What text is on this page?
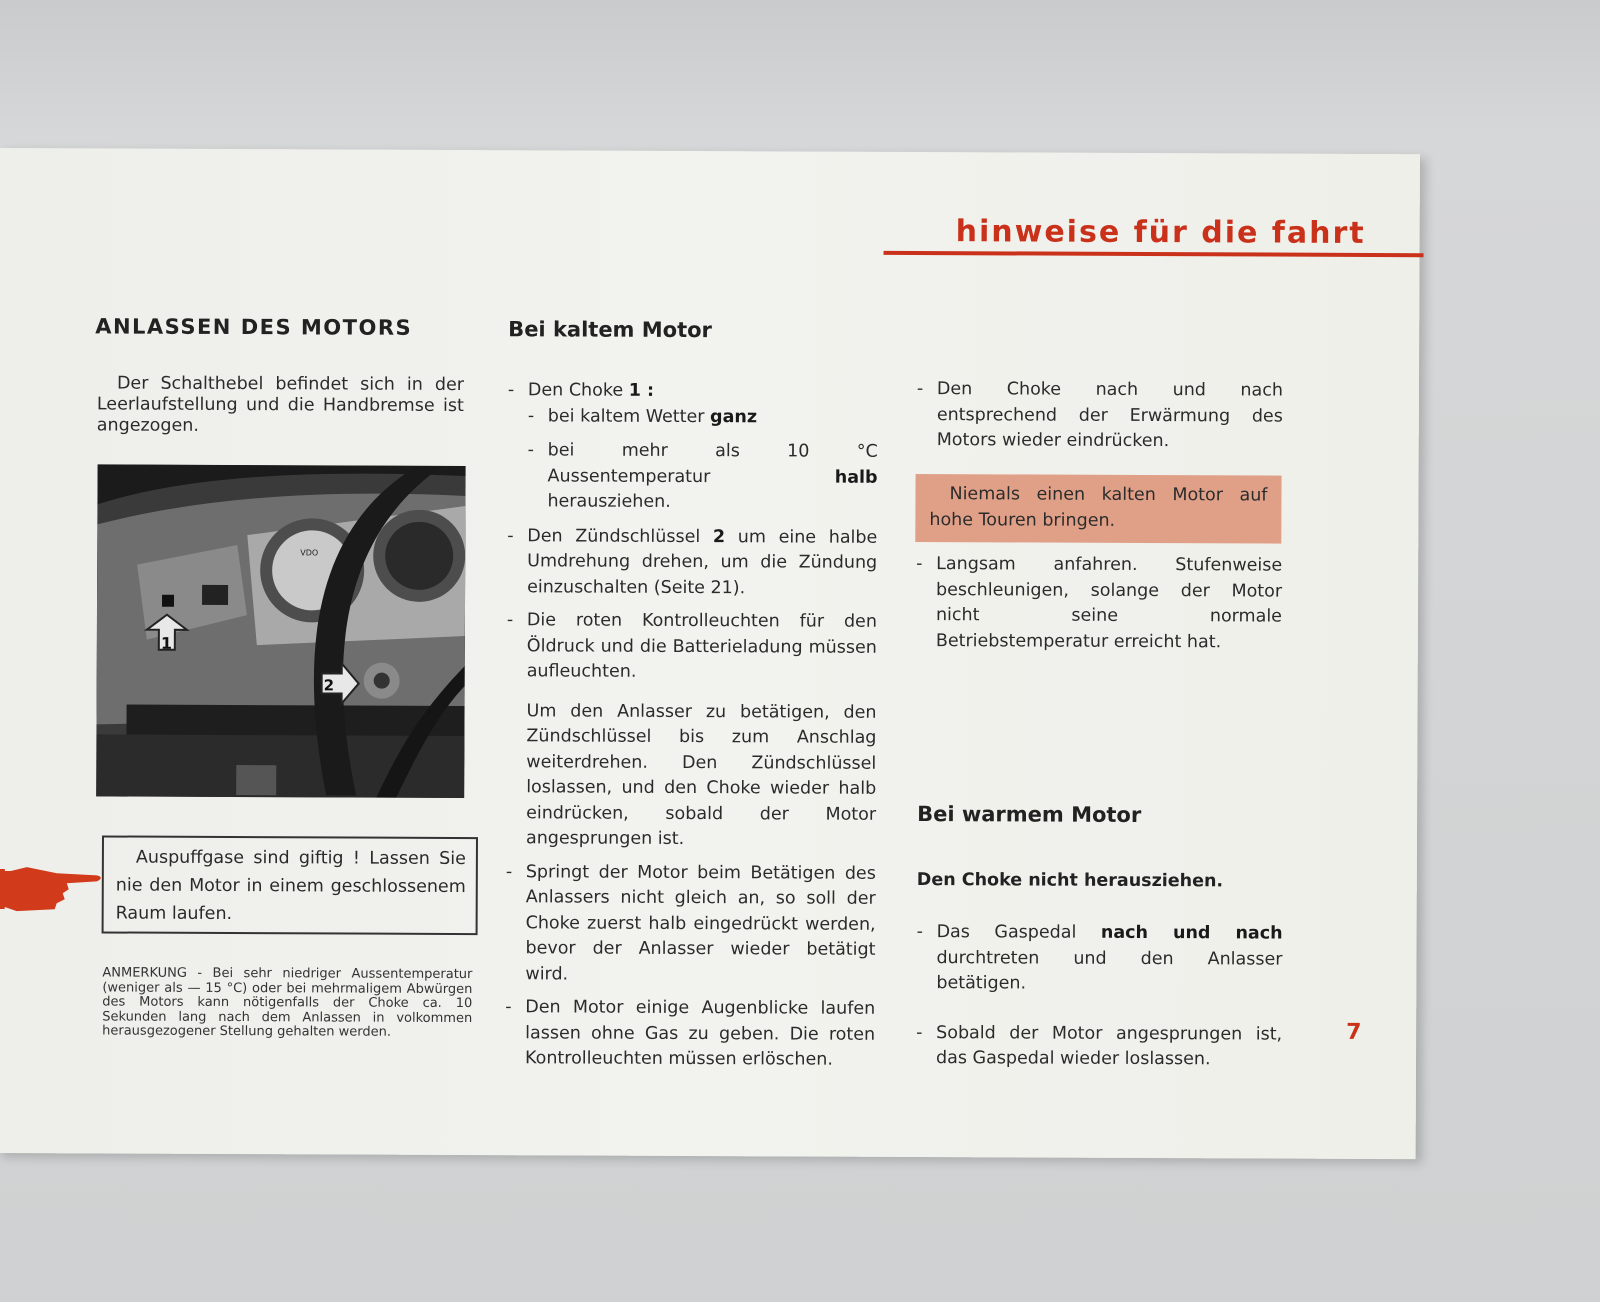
hinweise für die fahrt
ANLASSEN DES MOTORS

Der Schalthebel befindet sich in der Leerlaufstellung und die Handbremse ist angezogen.

1
2
VDO
Auspuffgase sind giftig ! Lassen Sie nie den Motor in einem geschlossenem Raum laufen.
ANMERKUNG - Bei sehr niedriger Aussentemperatur (weniger als — 15 °C) oder bei mehrmaligem Abwürgen des Motors kann nötigenfalls der Choke ca. 10 Sekunden lang nach dem Anlassen in volkommen herausgezogener Stellung gehalten werden.
Bei kaltem Motor
- Den Choke 1 :
- bei kaltem Wetter ganz
- bei mehr als 10 °C Aussentemperatur halb herausziehen.
- Den Zündschlüssel 2 um eine halbe Umdrehung drehen, um die Zündung einzuschalten (Seite 21).
- Die roten Kontrolleuchten für den Öldruck und die Batterieladung müssen aufleuchten.
Um den Anlasser zu betätigen, den Zündschlüssel bis zum Anschlag weiterdrehen. Den Zündschlüssel loslassen, und den Choke wieder halb eindrücken, sobald der Motor angesprungen ist.
- Springt der Motor beim Betätigen des Anlassers nicht gleich an, so soll der Choke zuerst halb eingedrückt werden, bevor der Anlasser wieder betätigt wird.
- Den Motor einige Augenblicke laufen lassen ohne Gas zu geben. Die roten Kontrolleuchten müssen erlöschen.
- Den Choke nach und nach entsprechend der Erwärmung des Motors wieder eindrücken.
Niemals einen kalten Motor auf hohe Touren bringen.
- Langsam anfahren. Stufenweise beschleunigen, solange der Motor nicht seine normale Betriebstemperatur erreicht hat.
Bei warmem Motor
Den Choke nicht herausziehen.
- Das Gaspedal nach und nach durchtreten und den Anlasser betätigen.
- Sobald der Motor angesprungen ist, das Gaspedal wieder loslassen.
7
